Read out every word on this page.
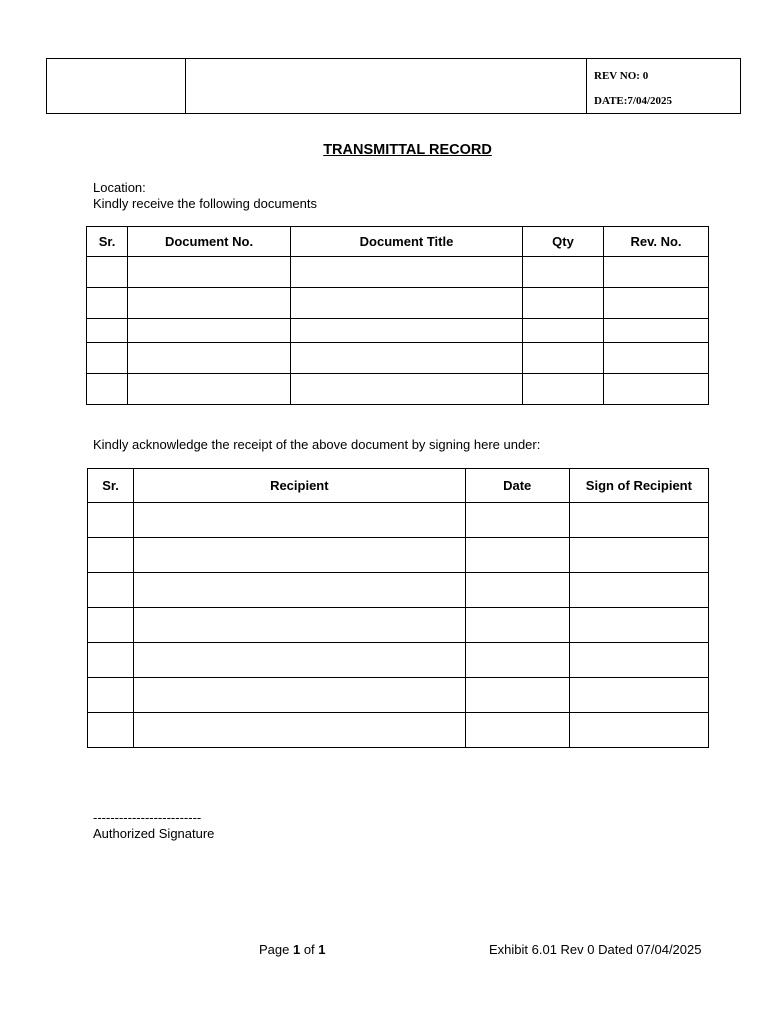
REV NO: 0
DATE:7/04/2025
TRANSMITTAL RECORD
Location:
Kindly receive the following documents
Sr.	Document No.	Document Title	Qty	Rev. No.

Kindly acknowledge the receipt of the above document by signing here under:
Sr.	Recipient	Date	Sign of Recipient

-------------------------
Authorized Signature
Page 1 of 1	Exhibit 6.01 Rev 0 Dated 07/04/2025
